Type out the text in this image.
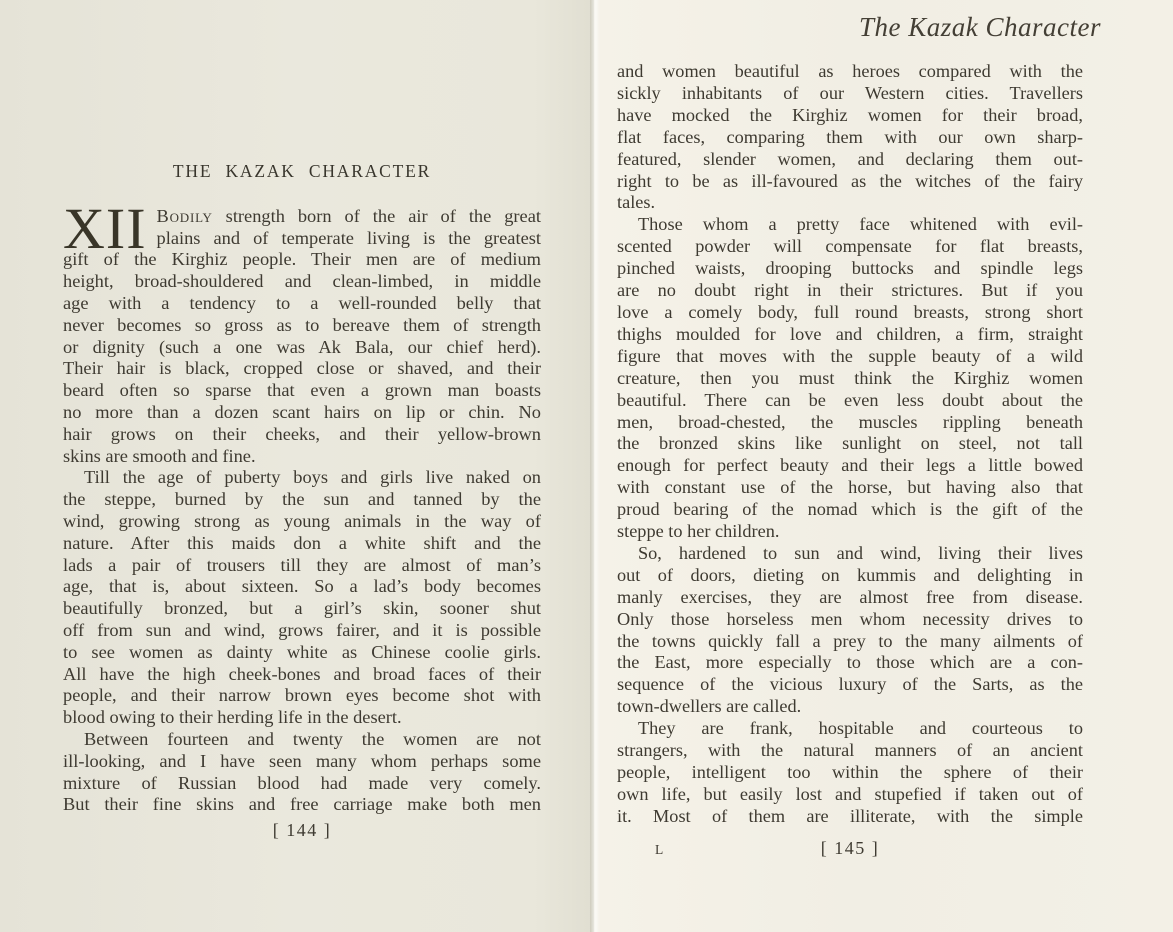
THE KAZAK CHARACTER
XII Bodily strength born of the air of the great
plains and of temperate living is the greatest
gift of the Kirghiz people. Their men are of medium
height, broad-shouldered and clean-limbed, in middle
age with a tendency to a well-rounded belly that
never becomes so gross as to bereave them of strength
or dignity (such a one was Ak Bala, our chief herd).
Their hair is black, cropped close or shaved, and their
beard often so sparse that even a grown man boasts
no more than a dozen scant hairs on lip or chin. No
hair grows on their cheeks, and their yellow-brown
skins are smooth and fine.
Till the age of puberty boys and girls live naked on
the steppe, burned by the sun and tanned by the
wind, growing strong as young animals in the way of
nature. After this maids don a white shift and the
lads a pair of trousers till they are almost of man’s
age, that is, about sixteen. So a lad’s body becomes
beautifully bronzed, but a girl’s skin, sooner shut
off from sun and wind, grows fairer, and it is possible
to see women as dainty white as Chinese coolie girls.
All have the high cheek-bones and broad faces of their
people, and their narrow brown eyes become shot with
blood owing to their herding life in the desert.
Between fourteen and twenty the women are not
ill-looking, and I have seen many whom perhaps some
mixture of Russian blood had made very comely.
But their fine skins and free carriage make both men
[ 144 ]
The Kazak Character
and women beautiful as heroes compared with the
sickly inhabitants of our Western cities. Travellers
have mocked the Kirghiz women for their broad,
flat faces, comparing them with our own sharp-
featured, slender women, and declaring them out-
right to be as ill-favoured as the witches of the fairy
tales.
Those whom a pretty face whitened with evil-
scented powder will compensate for flat breasts,
pinched waists, drooping buttocks and spindle legs
are no doubt right in their strictures. But if you
love a comely body, full round breasts, strong short
thighs moulded for love and children, a firm, straight
figure that moves with the supple beauty of a wild
creature, then you must think the Kirghiz women
beautiful. There can be even less doubt about the
men, broad-chested, the muscles rippling beneath
the bronzed skins like sunlight on steel, not tall
enough for perfect beauty and their legs a little bowed
with constant use of the horse, but having also that
proud bearing of the nomad which is the gift of the
steppe to her children.
So, hardened to sun and wind, living their lives
out of doors, dieting on kummis and delighting in
manly exercises, they are almost free from disease.
Only those horseless men whom necessity drives to
the towns quickly fall a prey to the many ailments of
the East, more especially to those which are a con-
sequence of the vicious luxury of the Sarts, as the
town-dwellers are called.
They are frank, hospitable and courteous to
strangers, with the natural manners of an ancient
people, intelligent too within the sphere of their
own life, but easily lost and stupefied if taken out of
it. Most of them are illiterate, with the simple
L	[ 145 ]
